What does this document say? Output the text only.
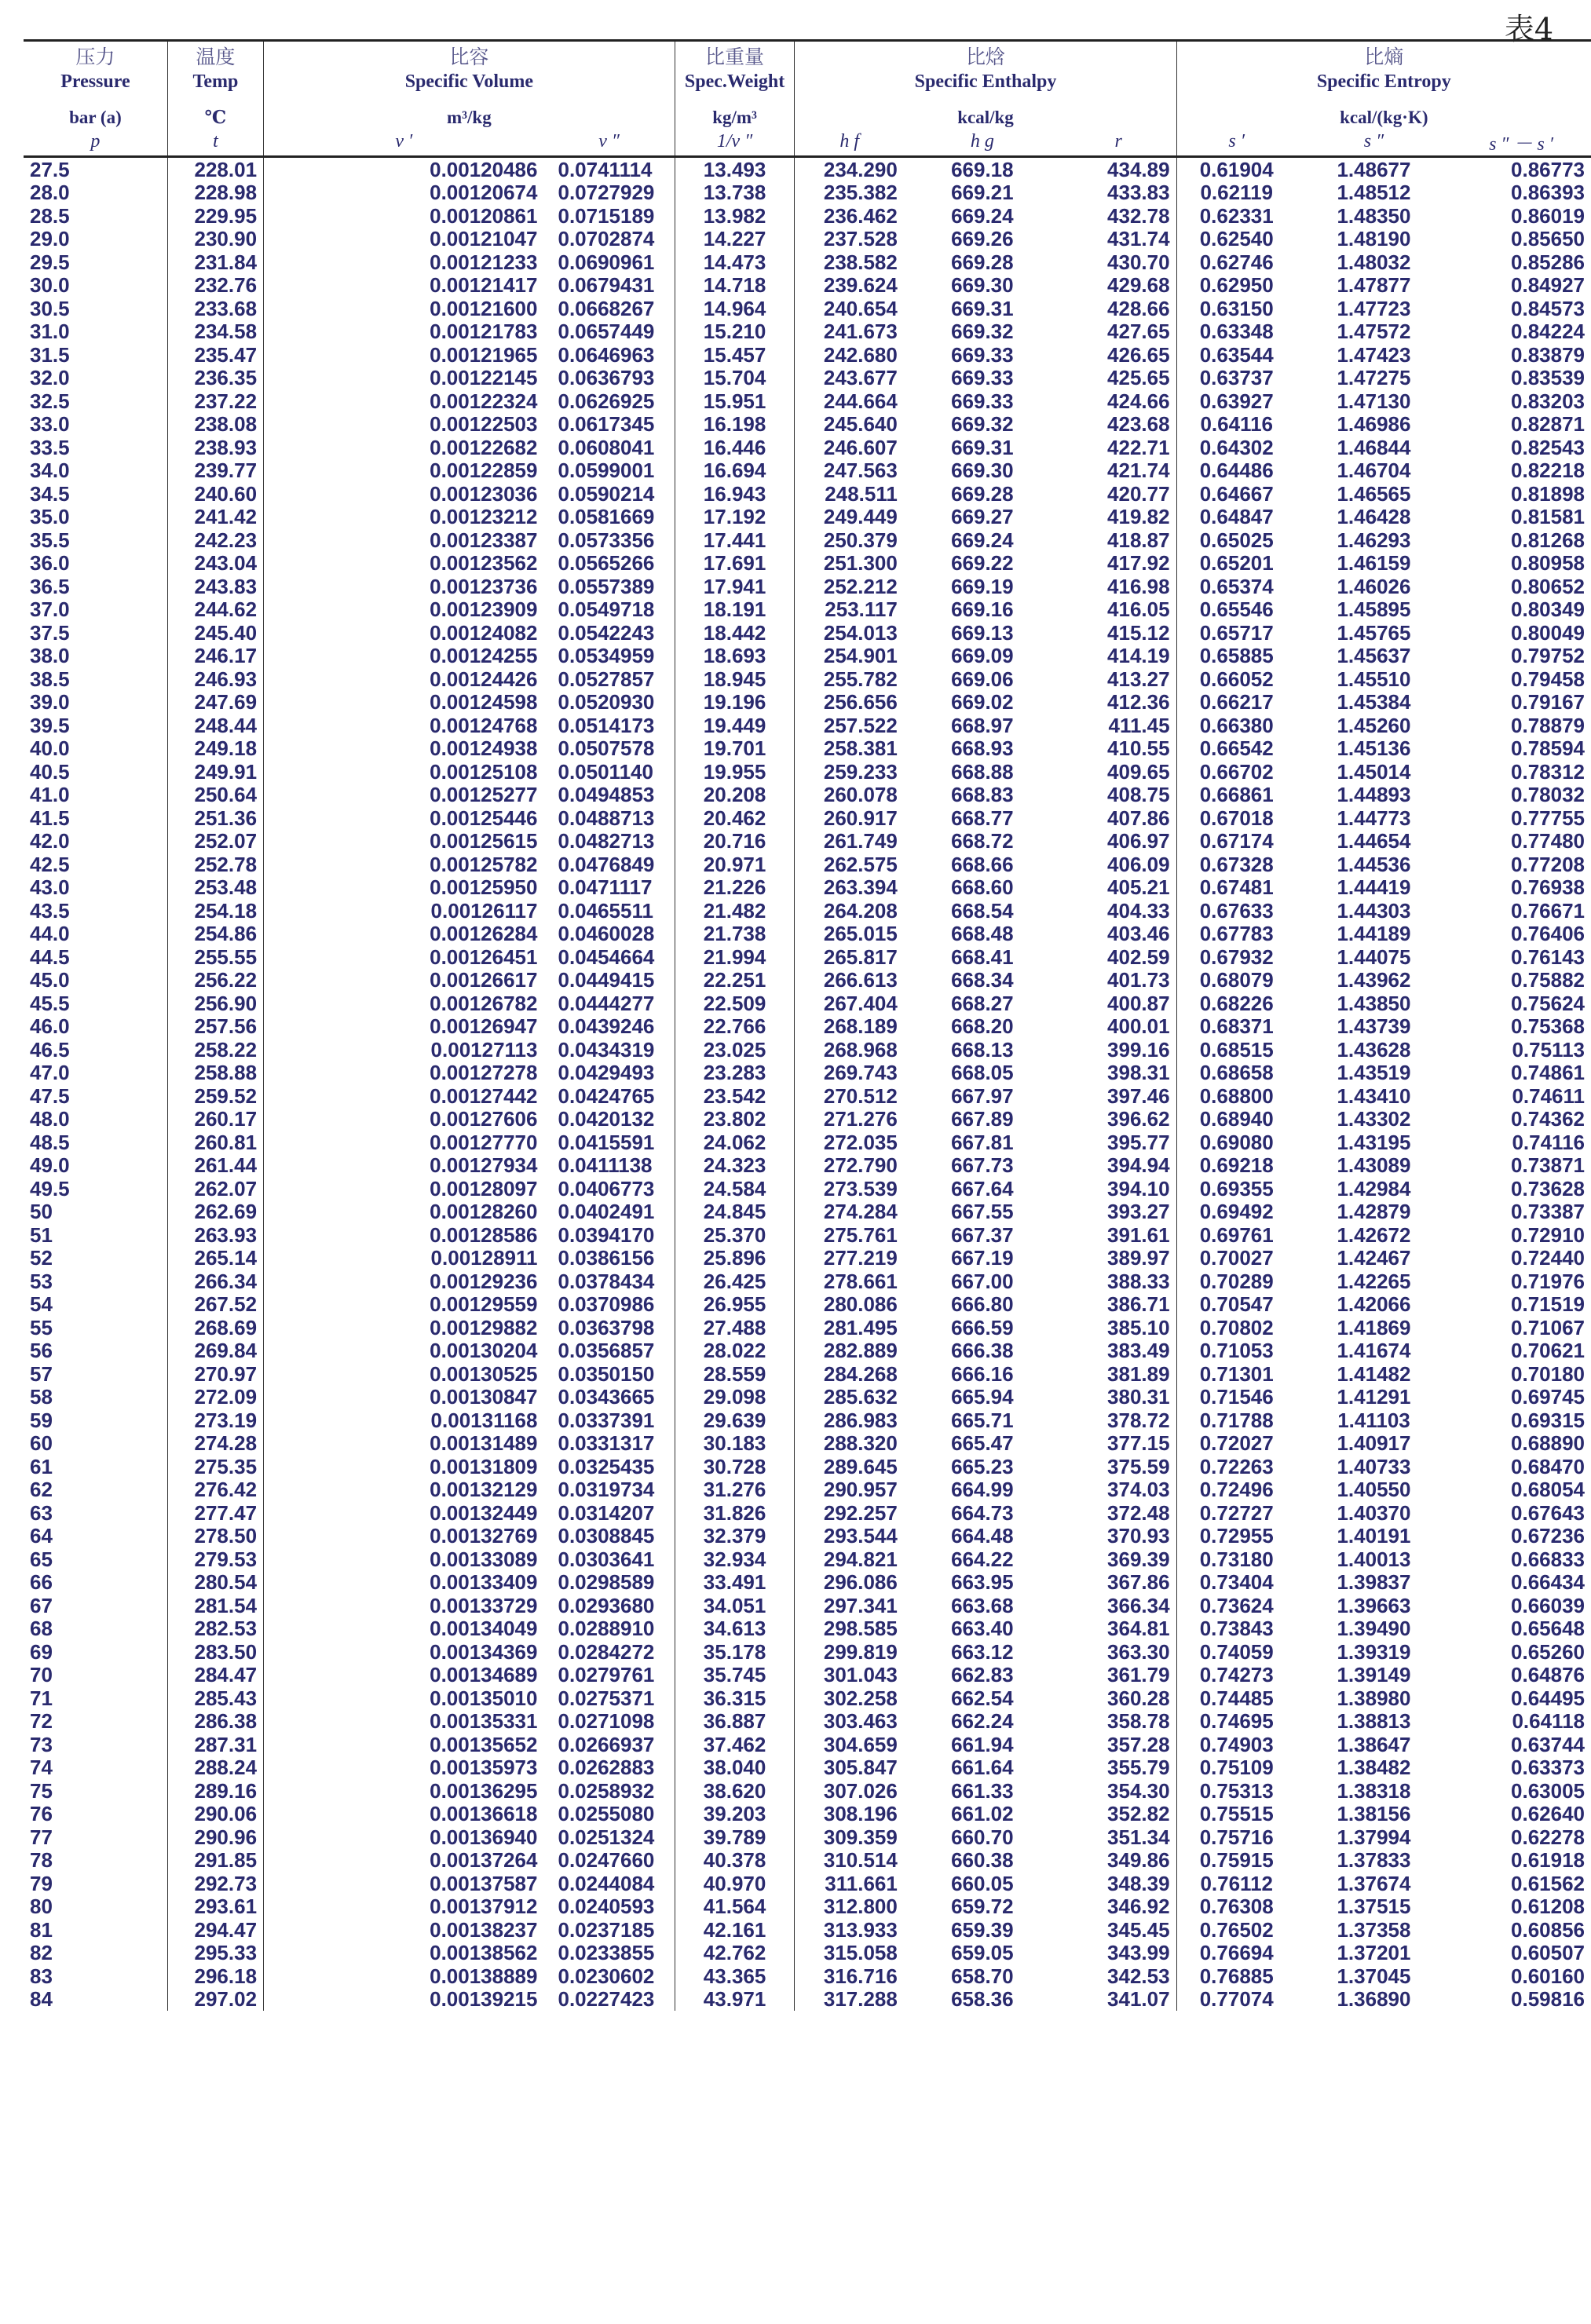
表4
压力	温度	比容		比重量	比焓			比熵		
Pressure	Temp	Specific Volume		Spec.Weight	Specific Enthalpy			Specific Entropy		
bar (a)	℃	m³/kg		kg/m³	kcal/kg			kcal/(kg·K)		
p	t	v ′	v ″	1/v ″	h f	h g	r	s ′	s ″	s ″ － s ′
27.5	228.01	0.00120486	0.0741114	13.493	234.290	669.18	434.89	0.61904	1.48677	0.86773
28.0	228.98	0.00120674	0.0727929	13.738	235.382	669.21	433.83	0.62119	1.48512	0.86393
28.5	229.95	0.00120861	0.0715189	13.982	236.462	669.24	432.78	0.62331	1.48350	0.86019
29.0	230.90	0.00121047	0.0702874	14.227	237.528	669.26	431.74	0.62540	1.48190	0.85650
29.5	231.84	0.00121233	0.0690961	14.473	238.582	669.28	430.70	0.62746	1.48032	0.85286
30.0	232.76	0.00121417	0.0679431	14.718	239.624	669.30	429.68	0.62950	1.47877	0.84927
30.5	233.68	0.00121600	0.0668267	14.964	240.654	669.31	428.66	0.63150	1.47723	0.84573
31.0	234.58	0.00121783	0.0657449	15.210	241.673	669.32	427.65	0.63348	1.47572	0.84224
31.5	235.47	0.00121965	0.0646963	15.457	242.680	669.33	426.65	0.63544	1.47423	0.83879
32.0	236.35	0.00122145	0.0636793	15.704	243.677	669.33	425.65	0.63737	1.47275	0.83539
32.5	237.22	0.00122324	0.0626925	15.951	244.664	669.33	424.66	0.63927	1.47130	0.83203
33.0	238.08	0.00122503	0.0617345	16.198	245.640	669.32	423.68	0.64116	1.46986	0.82871
33.5	238.93	0.00122682	0.0608041	16.446	246.607	669.31	422.71	0.64302	1.46844	0.82543
34.0	239.77	0.00122859	0.0599001	16.694	247.563	669.30	421.74	0.64486	1.46704	0.82218
34.5	240.60	0.00123036	0.0590214	16.943	248.511	669.28	420.77	0.64667	1.46565	0.81898
35.0	241.42	0.00123212	0.0581669	17.192	249.449	669.27	419.82	0.64847	1.46428	0.81581
35.5	242.23	0.00123387	0.0573356	17.441	250.379	669.24	418.87	0.65025	1.46293	0.81268
36.0	243.04	0.00123562	0.0565266	17.691	251.300	669.22	417.92	0.65201	1.46159	0.80958
36.5	243.83	0.00123736	0.0557389	17.941	252.212	669.19	416.98	0.65374	1.46026	0.80652
37.0	244.62	0.00123909	0.0549718	18.191	253.117	669.16	416.05	0.65546	1.45895	0.80349
37.5	245.40	0.00124082	0.0542243	18.442	254.013	669.13	415.12	0.65717	1.45765	0.80049
38.0	246.17	0.00124255	0.0534959	18.693	254.901	669.09	414.19	0.65885	1.45637	0.79752
38.5	246.93	0.00124426	0.0527857	18.945	255.782	669.06	413.27	0.66052	1.45510	0.79458
39.0	247.69	0.00124598	0.0520930	19.196	256.656	669.02	412.36	0.66217	1.45384	0.79167
39.5	248.44	0.00124768	0.0514173	19.449	257.522	668.97	411.45	0.66380	1.45260	0.78879
40.0	249.18	0.00124938	0.0507578	19.701	258.381	668.93	410.55	0.66542	1.45136	0.78594
40.5	249.91	0.00125108	0.0501140	19.955	259.233	668.88	409.65	0.66702	1.45014	0.78312
41.0	250.64	0.00125277	0.0494853	20.208	260.078	668.83	408.75	0.66861	1.44893	0.78032
41.5	251.36	0.00125446	0.0488713	20.462	260.917	668.77	407.86	0.67018	1.44773	0.77755
42.0	252.07	0.00125615	0.0482713	20.716	261.749	668.72	406.97	0.67174	1.44654	0.77480
42.5	252.78	0.00125782	0.0476849	20.971	262.575	668.66	406.09	0.67328	1.44536	0.77208
43.0	253.48	0.00125950	0.0471117	21.226	263.394	668.60	405.21	0.67481	1.44419	0.76938
43.5	254.18	0.00126117	0.0465511	21.482	264.208	668.54	404.33	0.67633	1.44303	0.76671
44.0	254.86	0.00126284	0.0460028	21.738	265.015	668.48	403.46	0.67783	1.44189	0.76406
44.5	255.55	0.00126451	0.0454664	21.994	265.817	668.41	402.59	0.67932	1.44075	0.76143
45.0	256.22	0.00126617	0.0449415	22.251	266.613	668.34	401.73	0.68079	1.43962	0.75882
45.5	256.90	0.00126782	0.0444277	22.509	267.404	668.27	400.87	0.68226	1.43850	0.75624
46.0	257.56	0.00126947	0.0439246	22.766	268.189	668.20	400.01	0.68371	1.43739	0.75368
46.5	258.22	0.00127113	0.0434319	23.025	268.968	668.13	399.16	0.68515	1.43628	0.75113
47.0	258.88	0.00127278	0.0429493	23.283	269.743	668.05	398.31	0.68658	1.43519	0.74861
47.5	259.52	0.00127442	0.0424765	23.542	270.512	667.97	397.46	0.68800	1.43410	0.74611
48.0	260.17	0.00127606	0.0420132	23.802	271.276	667.89	396.62	0.68940	1.43302	0.74362
48.5	260.81	0.00127770	0.0415591	24.062	272.035	667.81	395.77	0.69080	1.43195	0.74116
49.0	261.44	0.00127934	0.0411138	24.323	272.790	667.73	394.94	0.69218	1.43089	0.73871
49.5	262.07	0.00128097	0.0406773	24.584	273.539	667.64	394.10	0.69355	1.42984	0.73628
50	262.69	0.00128260	0.0402491	24.845	274.284	667.55	393.27	0.69492	1.42879	0.73387
51	263.93	0.00128586	0.0394170	25.370	275.761	667.37	391.61	0.69761	1.42672	0.72910
52	265.14	0.00128911	0.0386156	25.896	277.219	667.19	389.97	0.70027	1.42467	0.72440
53	266.34	0.00129236	0.0378434	26.425	278.661	667.00	388.33	0.70289	1.42265	0.71976
54	267.52	0.00129559	0.0370986	26.955	280.086	666.80	386.71	0.70547	1.42066	0.71519
55	268.69	0.00129882	0.0363798	27.488	281.495	666.59	385.10	0.70802	1.41869	0.71067
56	269.84	0.00130204	0.0356857	28.022	282.889	666.38	383.49	0.71053	1.41674	0.70621
57	270.97	0.00130525	0.0350150	28.559	284.268	666.16	381.89	0.71301	1.41482	0.70180
58	272.09	0.00130847	0.0343665	29.098	285.632	665.94	380.31	0.71546	1.41291	0.69745
59	273.19	0.00131168	0.0337391	29.639	286.983	665.71	378.72	0.71788	1.41103	0.69315
60	274.28	0.00131489	0.0331317	30.183	288.320	665.47	377.15	0.72027	1.40917	0.68890
61	275.35	0.00131809	0.0325435	30.728	289.645	665.23	375.59	0.72263	1.40733	0.68470
62	276.42	0.00132129	0.0319734	31.276	290.957	664.99	374.03	0.72496	1.40550	0.68054
63	277.47	0.00132449	0.0314207	31.826	292.257	664.73	372.48	0.72727	1.40370	0.67643
64	278.50	0.00132769	0.0308845	32.379	293.544	664.48	370.93	0.72955	1.40191	0.67236
65	279.53	0.00133089	0.0303641	32.934	294.821	664.22	369.39	0.73180	1.40013	0.66833
66	280.54	0.00133409	0.0298589	33.491	296.086	663.95	367.86	0.73404	1.39837	0.66434
67	281.54	0.00133729	0.0293680	34.051	297.341	663.68	366.34	0.73624	1.39663	0.66039
68	282.53	0.00134049	0.0288910	34.613	298.585	663.40	364.81	0.73843	1.39490	0.65648
69	283.50	0.00134369	0.0284272	35.178	299.819	663.12	363.30	0.74059	1.39319	0.65260
70	284.47	0.00134689	0.0279761	35.745	301.043	662.83	361.79	0.74273	1.39149	0.64876
71	285.43	0.00135010	0.0275371	36.315	302.258	662.54	360.28	0.74485	1.38980	0.64495
72	286.38	0.00135331	0.0271098	36.887	303.463	662.24	358.78	0.74695	1.38813	0.64118
73	287.31	0.00135652	0.0266937	37.462	304.659	661.94	357.28	0.74903	1.38647	0.63744
74	288.24	0.00135973	0.0262883	38.040	305.847	661.64	355.79	0.75109	1.38482	0.63373
75	289.16	0.00136295	0.0258932	38.620	307.026	661.33	354.30	0.75313	1.38318	0.63005
76	290.06	0.00136618	0.0255080	39.203	308.196	661.02	352.82	0.75515	1.38156	0.62640
77	290.96	0.00136940	0.0251324	39.789	309.359	660.70	351.34	0.75716	1.37994	0.62278
78	291.85	0.00137264	0.0247660	40.378	310.514	660.38	349.86	0.75915	1.37833	0.61918
79	292.73	0.00137587	0.0244084	40.970	311.661	660.05	348.39	0.76112	1.37674	0.61562
80	293.61	0.00137912	0.0240593	41.564	312.800	659.72	346.92	0.76308	1.37515	0.61208
81	294.47	0.00138237	0.0237185	42.161	313.933	659.39	345.45	0.76502	1.37358	0.60856
82	295.33	0.00138562	0.0233855	42.762	315.058	659.05	343.99	0.76694	1.37201	0.60507
83	296.18	0.00138889	0.0230602	43.365	316.716	658.70	342.53	0.76885	1.37045	0.60160
84	297.02	0.00139215	0.0227423	43.971	317.288	658.36	341.07	0.77074	1.36890	0.59816
